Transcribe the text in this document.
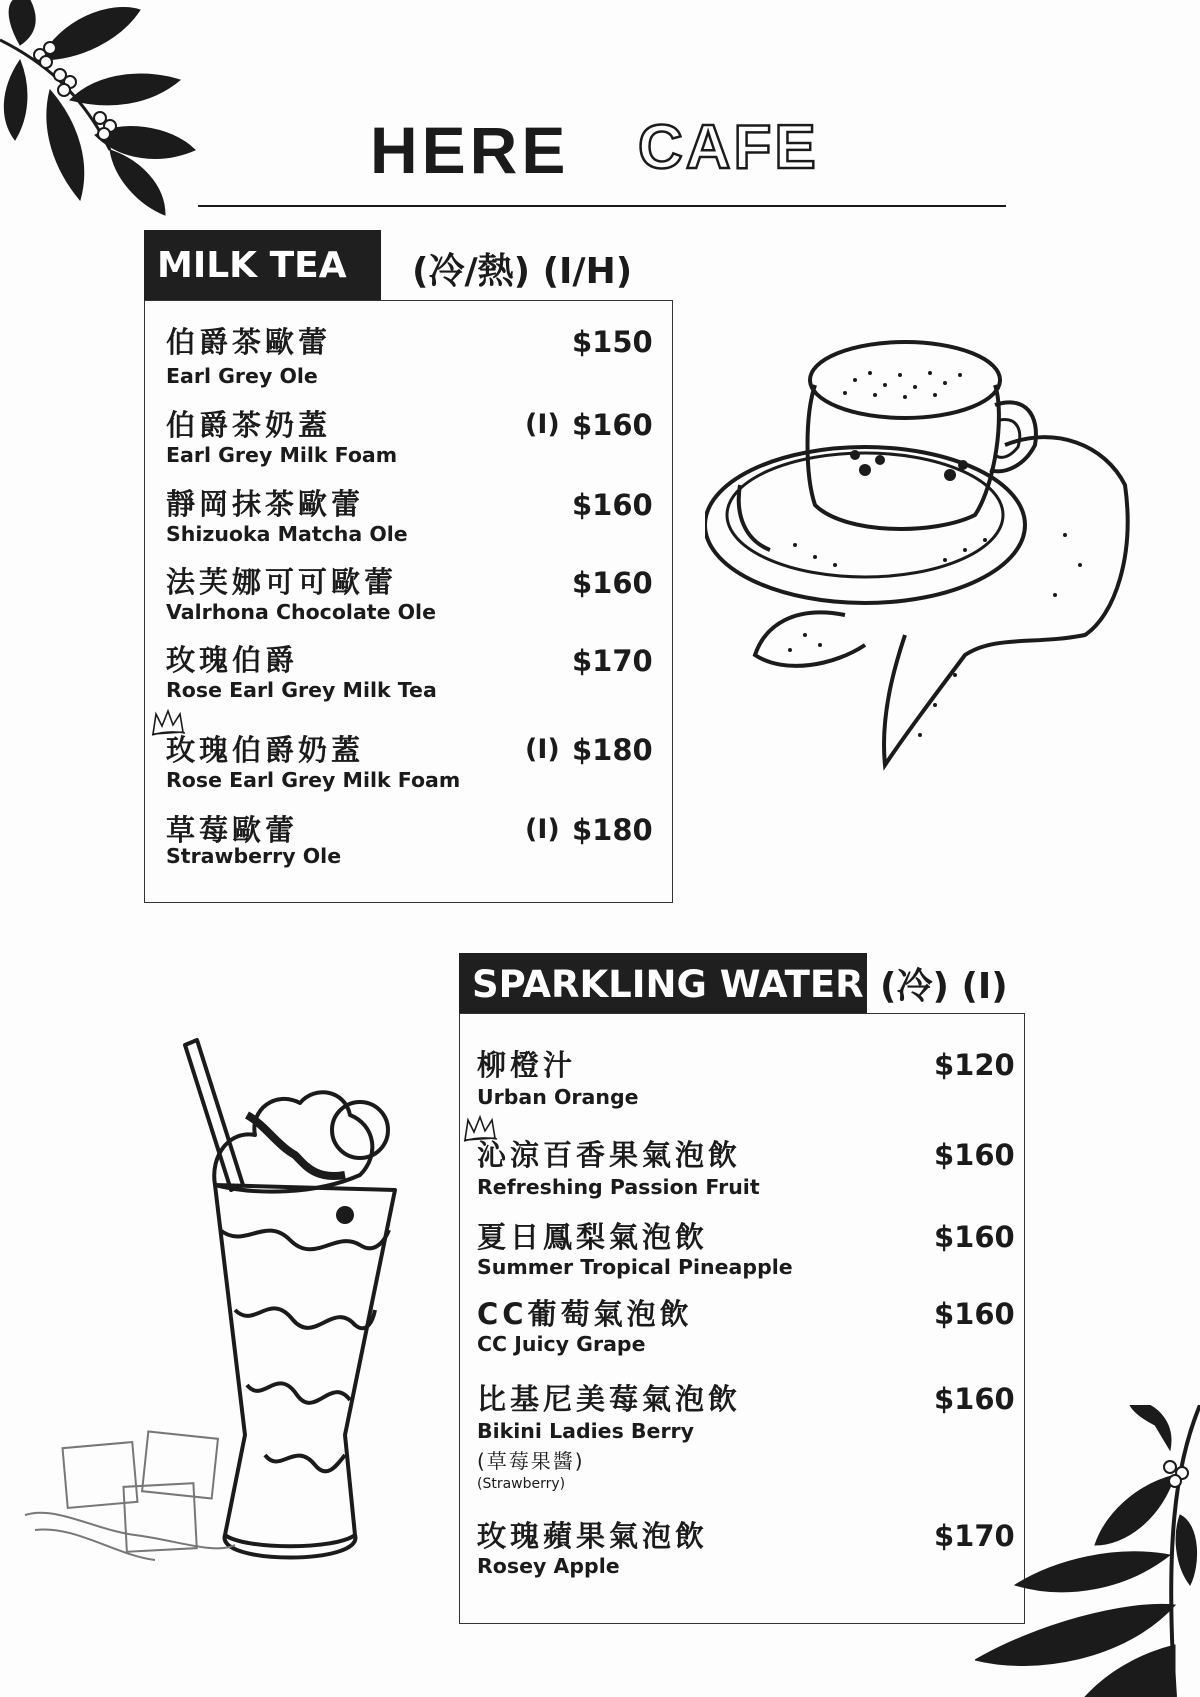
HERE CAFE
MILK TEA (冷/熱) (I/H)
伯爵茶歐蕾
Earl Grey Ole
$150
伯爵茶奶蓋
Earl Grey Milk Foam
(I) $160
靜岡抹茶歐蕾
Shizuoka Matcha Ole
$160
法芙娜可可歐蕾
Valrhona Chocolate Ole
$160
玫瑰伯爵
Rose Earl Grey Milk Tea
$170
玫瑰伯爵奶蓋
Rose Earl Grey Milk Foam
(I) $180
草莓歐蕾
Strawberry Ole
(I) $180
SPARKLING WATER (冷) (I)
柳橙汁
Urban Orange
$120
沁涼百香果氣泡飲
Refreshing Passion Fruit
$160
夏日鳳梨氣泡飲
Summer Tropical Pineapple
$160
CC葡萄氣泡飲
CC Juicy Grape
$160
比基尼美莓氣泡飲
Bikini Ladies Berry
(草莓果醬)
(Strawberry)
$160
玫瑰蘋果氣泡飲
Rosey Apple
$170
